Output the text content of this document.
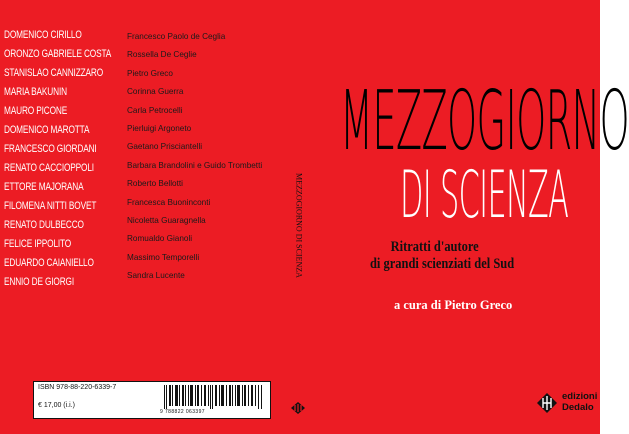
DOMENICO CIRILLO
ORONZO GABRIELE COSTA
STANISLAO CANNIZZARO
MARIA BAKUNIN
MAURO PICONE
DOMENICO MAROTTA
FRANCESCO GIORDANI
RENATO CACCIOPPOLI
ETTORE MAJORANA
FILOMENA NITTI BOVET
RENATO DULBECCO
FELICE IPPOLITO
EDUARDO CAIANIELLO
ENNIO DE GIORGI
Francesco Paolo de Ceglia
Rossella De Ceglie
Pietro Greco
Corinna Guerra
Carla Petrocelli
Pierluigi Argoneto
Gaetano Prisciantelli
Barbara Brandolini e Guido Trombetti
Roberto Bellotti
Francesca Buoninconti
Nicoletta Guaragnella
Romualdo Gianoli
Massimo Temporelli
Sandra Lucente
ISBN 978-88-220-6339-7
€ 17,00 (i.i.)
9 788822 063397
MEZZOGIORNO DI SCIENZA
MEZZOGIORNO
DI SCIENZA
Ritratti d'autore
di grandi scienziati del Sud
a cura di Pietro Greco
edizioni
Dedalo
